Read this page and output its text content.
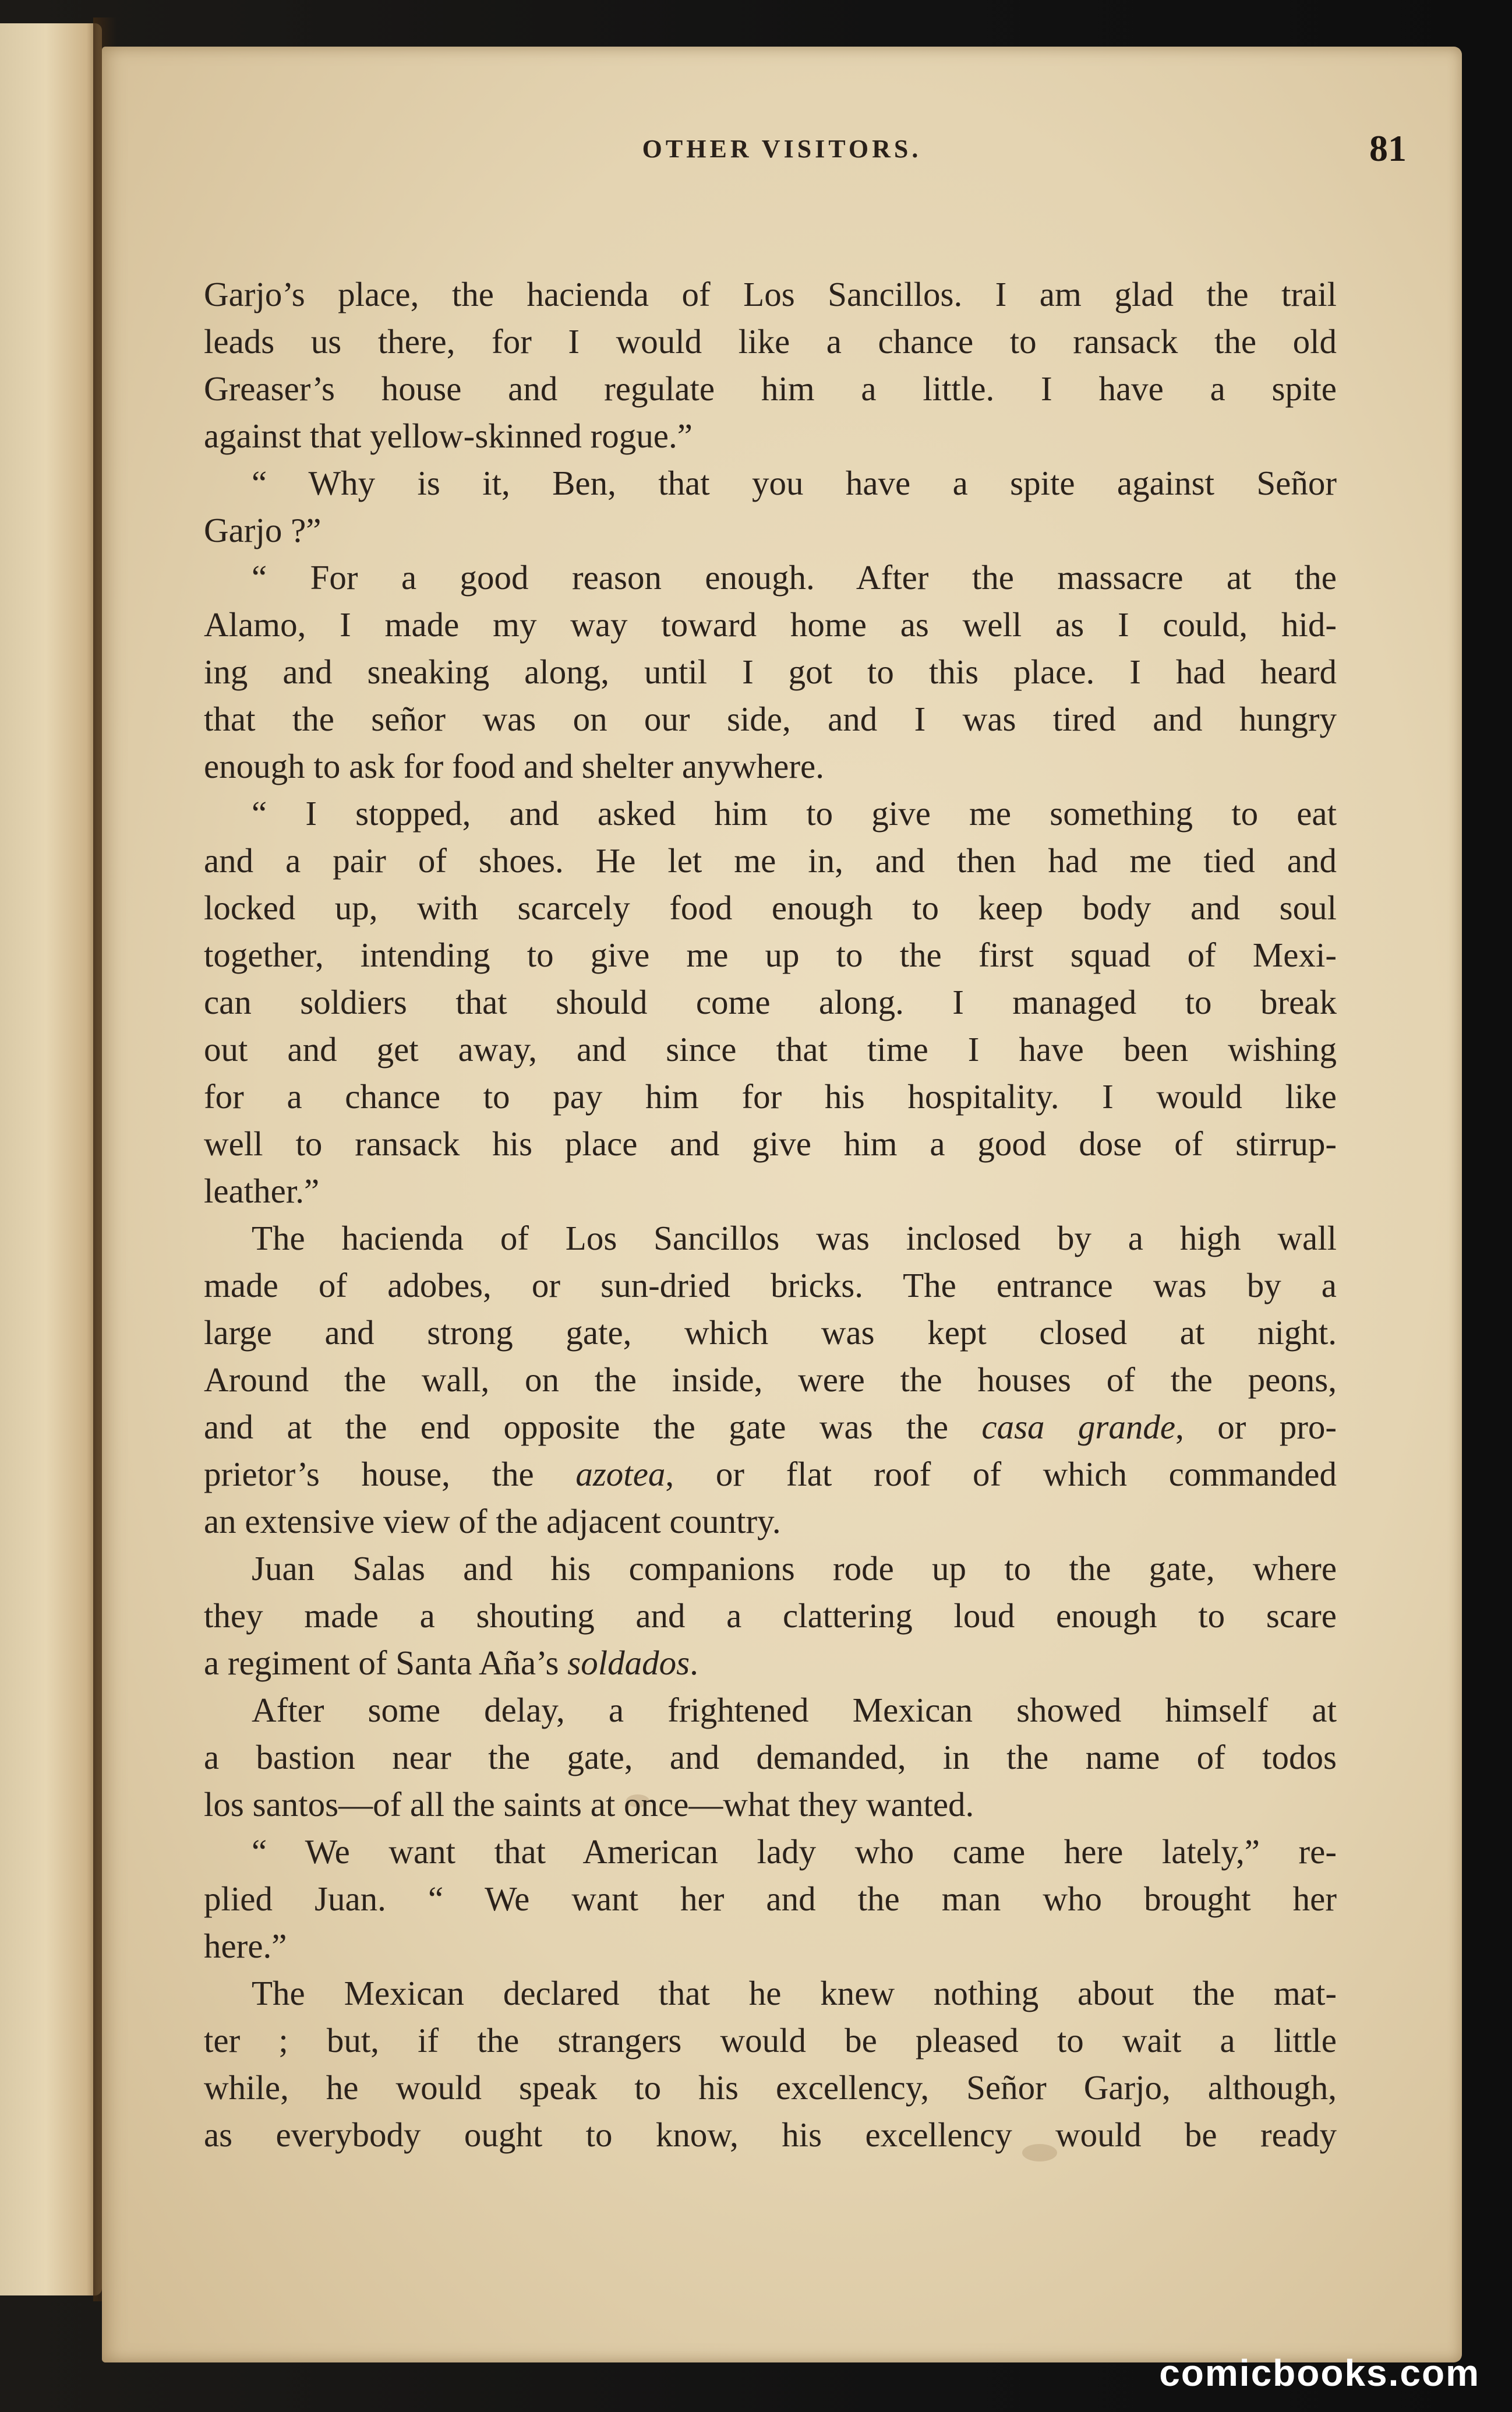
OTHER VISITORS.	81
Garjo’s place, the hacienda of Los Sancillos. I am glad the trail
leads us there, for I would like a chance to ransack the old
Greaser’s house and regulate him a little. I have a spite
against that yellow-skinned rogue.”
“ Why is it, Ben, that you have a spite against Señor
Garjo ?”
“ For a good reason enough. After the massacre at the
Alamo, I made my way toward home as well as I could, hid-
ing and sneaking along, until I got to this place. I had heard
that the señor was on our side, and I was tired and hungry
enough to ask for food and shelter anywhere.
“ I stopped, and asked him to give me something to eat
and a pair of shoes. He let me in, and then had me tied and
locked up, with scarcely food enough to keep body and soul
together, intending to give me up to the first squad of Mexi-
can soldiers that should come along. I managed to break
out and get away, and since that time I have been wishing
for a chance to pay him for his hospitality. I would like
well to ransack his place and give him a good dose of stirrup-
leather.”
The hacienda of Los Sancillos was inclosed by a high wall
made of adobes, or sun-dried bricks. The entrance was by a
large and strong gate, which was kept closed at night.
Around the wall, on the inside, were the houses of the peons,
and at the end opposite the gate was the casa grande, or pro-
prietor’s house, the azotea, or flat roof of which commanded
an extensive view of the adjacent country.
Juan Salas and his companions rode up to the gate, where
they made a shouting and a clattering loud enough to scare
a regiment of Santa Aña’s soldados.
After some delay, a frightened Mexican showed himself at
a bastion near the gate, and demanded, in the name of todos
los santos—of all the saints at once—what they wanted.
“ We want that American lady who came here lately,” re-
plied Juan. “ We want her and the man who brought her
here.”
The Mexican declared that he knew nothing about the mat-
ter ; but, if the strangers would be pleased to wait a little
while, he would speak to his excellency, Señor Garjo, although,
as everybody ought to know, his excellency would be ready
comicbooks.com
